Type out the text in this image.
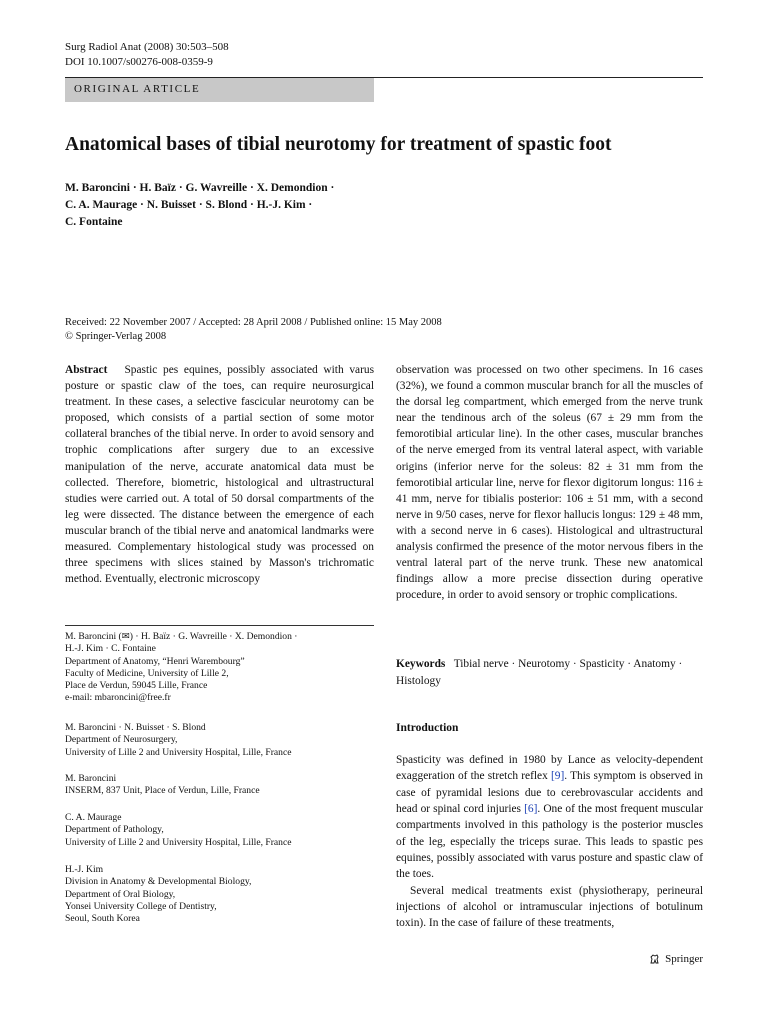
Surg Radiol Anat (2008) 30:503–508
DOI 10.1007/s00276-008-0359-9
ORIGINAL ARTICLE
Anatomical bases of tibial neurotomy for treatment of spastic foot
M. Baroncini · H. Baïz · G. Wavreille · X. Demondion ·
C. A. Maurage · N. Buisset · S. Blond · H.-J. Kim ·
C. Fontaine
Received: 22 November 2007 / Accepted: 28 April 2008 / Published online: 15 May 2008
© Springer-Verlag 2008
Abstract Spastic pes equines, possibly associated with varus posture or spastic claw of the toes, can require neurosurgical treatment. In these cases, a selective fascicular neurotomy can be proposed, which consists of a partial section of some motor collateral branches of the tibial nerve. In order to avoid sensory and trophic complications after surgery due to an excessive manipulation of the nerve, accurate anatomical data must be collected. Therefore, biometric, histological and ultrastructural studies were carried out. A total of 50 dorsal compartments of the leg were dissected. The distance between the emergence of each muscular branch of the tibial nerve and anatomical landmarks were measured. Complementary histological study was processed on three specimens with slices stained by Masson's trichromatic method. Eventually, electronic microscopy
observation was processed on two other specimens. In 16 cases (32%), we found a common muscular branch for all the muscles of the dorsal leg compartment, which emerged from the nerve trunk near the tendinous arch of the soleus (67 ± 29 mm from the femorotibial articular line). In the other cases, muscular branches of the nerve emerged from its ventral lateral aspect, with variable origins (inferior nerve for the soleus: 82 ± 31 mm from the femorotibial articular line, nerve for flexor digitorum longus: 116 ± 41 mm, nerve for tibialis posterior: 106 ± 51 mm, with a second nerve in 9/50 cases, nerve for flexor hallucis longus: 129 ± 48 mm, with a second nerve in 6 cases). Histological and ultrastructural analysis confirmed the presence of the motor nervous fibers in the ventral lateral part of the nerve trunk. These new anatomical findings allow a more precise dissection during operative procedure, in order to avoid sensory or trophic complications.
M. Baroncini (✉) · H. Baïz · G. Wavreille · X. Demondion ·
H.-J. Kim · C. Fontaine
Department of Anatomy, “Henri Warembourg”
Faculty of Medicine, University of Lille 2,
Place de Verdun, 59045 Lille, France
e-mail: mbaroncini@free.fr
M. Baroncini · N. Buisset · S. Blond
Department of Neurosurgery,
University of Lille 2 and University Hospital, Lille, France
M. Baroncini
INSERM, 837 Unit, Place of Verdun, Lille, France
C. A. Maurage
Department of Pathology,
University of Lille 2 and University Hospital, Lille, France
H.-J. Kim
Division in Anatomy & Developmental Biology,
Department of Oral Biology,
Yonsei University College of Dentistry,
Seoul, South Korea
Keywords Tibial nerve · Neurotomy · Spasticity · Anatomy · Histology
Introduction

Spasticity was defined in 1980 by Lance as velocity-dependent exaggeration of the stretch reflex [9]. This symptom is observed in case of pyramidal lesions due to cerebrovascular accidents and head or spinal cord injuries [6]. One of the most frequent muscular compartments involved in this pathology is the posterior muscles of the leg, especially the triceps surae. This leads to spastic pes equines, possibly associated with varus posture and spastic claw of the toes.

Several medical treatments exist (physiotherapy, perineural injections of alcohol or intramuscular injections of botulinum toxin). In the case of failure of these treatments,

Springer
